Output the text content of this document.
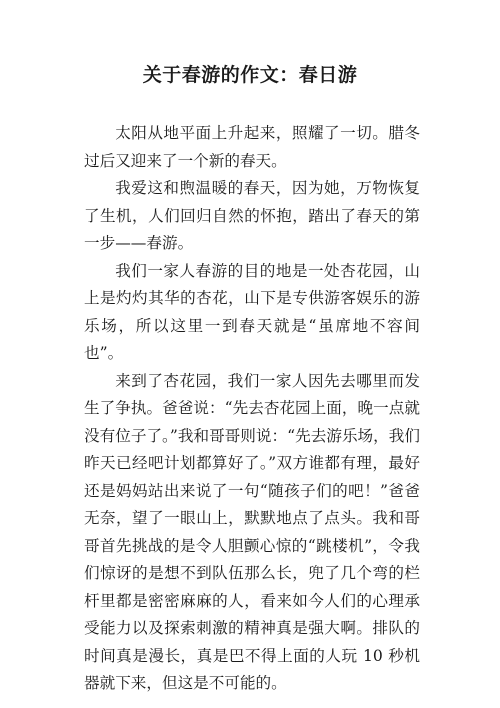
关于春游的作文：春日游

太阳从地平面上升起来，照耀了一切。腊冬过后又迎来了一个新的春天。

我爱这和煦温暖的春天，因为她，万物恢复了生机，人们回归自然的怀抱，踏出了春天的第一步——春游。

我们一家人春游的目的地是一处杏花园，山上是灼灼其华的杏花，山下是专供游客娱乐的游乐场，所以这里一到春天就是“虽席地不容间也”。

来到了杏花园，我们一家人因先去哪里而发生了争执。爸爸说：“先去杏花园上面，晚一点就没有位子了。”我和哥哥则说：“先去游乐场，我们昨天已经吧计划都算好了。”双方谁都有理，最好还是妈妈站出来说了一句“随孩子们的吧！”爸爸无奈，望了一眼山上，默默地点了点头。我和哥哥首先挑战的是令人胆颤心惊的“跳楼机”，令我们惊讶的是想不到队伍那么长，兜了几个弯的栏杆里都是密密麻麻的人，看来如今人们的心理承受能力以及探索刺激的精神真是强大啊。排队的时间真是漫长，真是巴不得上面的人玩 10 秒机器就下来，但这是不可能的。
